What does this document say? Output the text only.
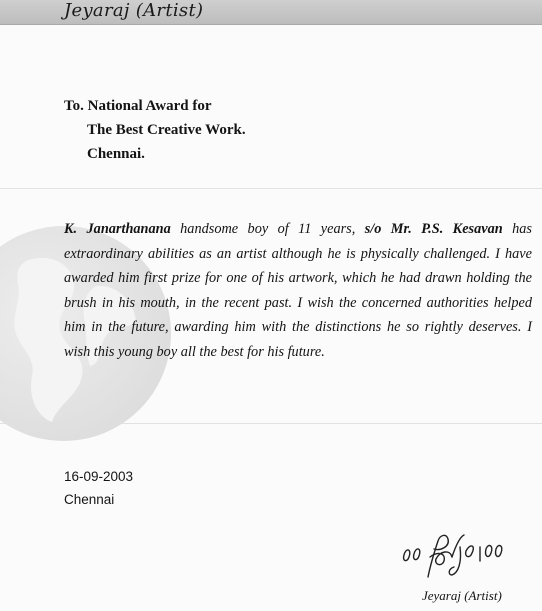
Jeyaraj (Artist)
To. National Award for
The Best Creative Work.
Chennai.

K. Janarthanana handsome boy of 11 years, s/o Mr. P.S. Kesavan has extraordinary abilities as an artist although he is physically challenged. I have awarded him first prize for one of his artwork, which he had drawn holding the brush in his mouth, in the recent past. I wish the concerned authorities helped him in the future, awarding him with the distinctions he so rightly deserves. I wish this young boy all the best for his future.

16-09-2003
Chennai
Jeyaraj (Artist)
